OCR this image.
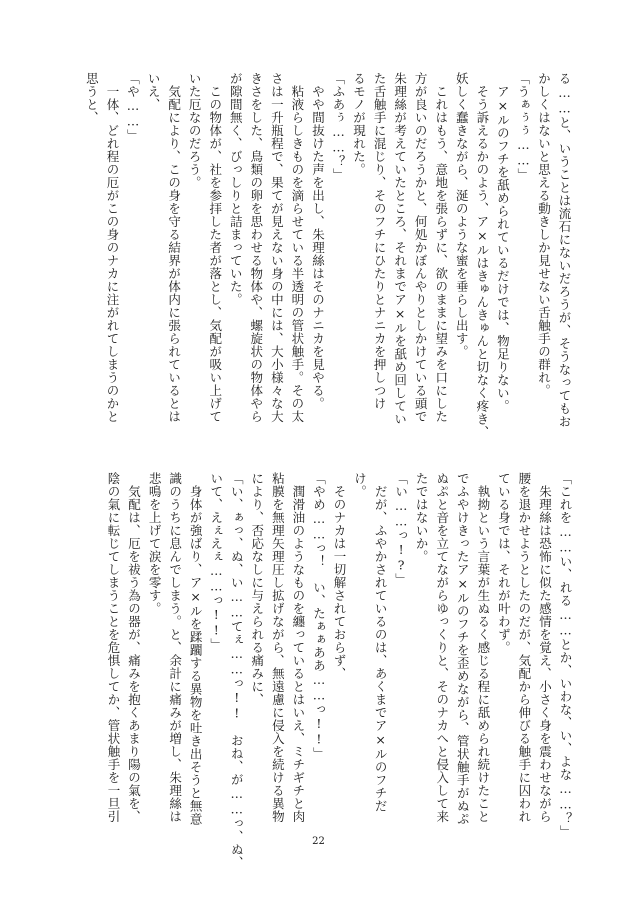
る……と、いうことは流石にないだろうが、そうなってもお
かしくはないと思える動きしか見せない舌触手の群れ。
「うぁぅぅ……」
　ア×ルのフチを舐められているだけでは、物足りない。
　そう訴えるかのよう、ア×ルはきゅんきゅんと切なく疼き、
妖しく蠢きながら、涎のような蜜を垂らし出す。
　これはもう、意地を張らずに、欲のままに望みを口にした
方が良いのだろうかと、何処かぼんやりとしかけている頭で
朱理絲が考えていたところ、それまでア×ルを舐め回してい
た舌触手に混じり、そのフチにひたりとナニカを押しつけ
るモノが現れた。
「ふあぅ……？」
　やや間抜けた声を出し、朱理絲はそのナニカを見やる。
　粘液らしきものを滴らせている半透明の管状触手。その太
さは一升瓶程で、果てが見えない身の中には、大小様々な大
きさをした、鳥類の卵を思わせる物体や、螺旋状の物体やら
が隙間無く、びっしりと詰まっていた。
　この物体が、社を参拝した者が落とし、気配が吸い上げて
いた厄なのだろう。
　気配により、この身を守る結界が体内に張られているとは
いえ、
「や……」
　一体、どれ程の厄がこの身のナカに注がれてしまうのかと
思うと、
「これを……い、れる……とか、いわな、い、よな……？」
　朱理絲は恐怖に似た感情を覚え、小さく身を震わせながら
腰を退かせようとしたのだが、気配から伸びる触手に囚われ
ている身では、それが叶わず。
　執拗という言葉が生ぬるく感じる程に舐められ続けたこと
でふやけきったア×ルのフチを歪めながら、管状触手がぬぷ
ぬぷと音を立てながらゆっくりと、そのナカへと侵入して来
たではないか。
「い……っ!?」
　だが、ふやかされているのは、あくまでア×ルのフチだ
け。
　そのナカは一切解されておらず、
「やめ……っ！　い、たぁぁああ……っ!!」
　潤滑油のようなものを纏っているとはいえ、ミチギチと肉
粘膜を無理矢理圧し拡げながら、無遠慮に侵入を続ける異物
により、否応なしに与えられる痛みに、
「い、ぁっ、ぬ、い……てぇ……っ!!　おね、が……っ、ぬ、
いて、えぇえぇ……っ!!」
　身体が強ばり、ア×ルを蹂躙する異物を吐き出そうと無意
識のうちに息んでしまう。と、余計に痛みが増し、朱理絲は
悲鳴を上げて涙を零す。
　気配は、厄を祓う為の器が、痛みを抱くあまり陽の氣を、
陰の氣に転じてしまうことを危惧してか、管状触手を一旦引
22
